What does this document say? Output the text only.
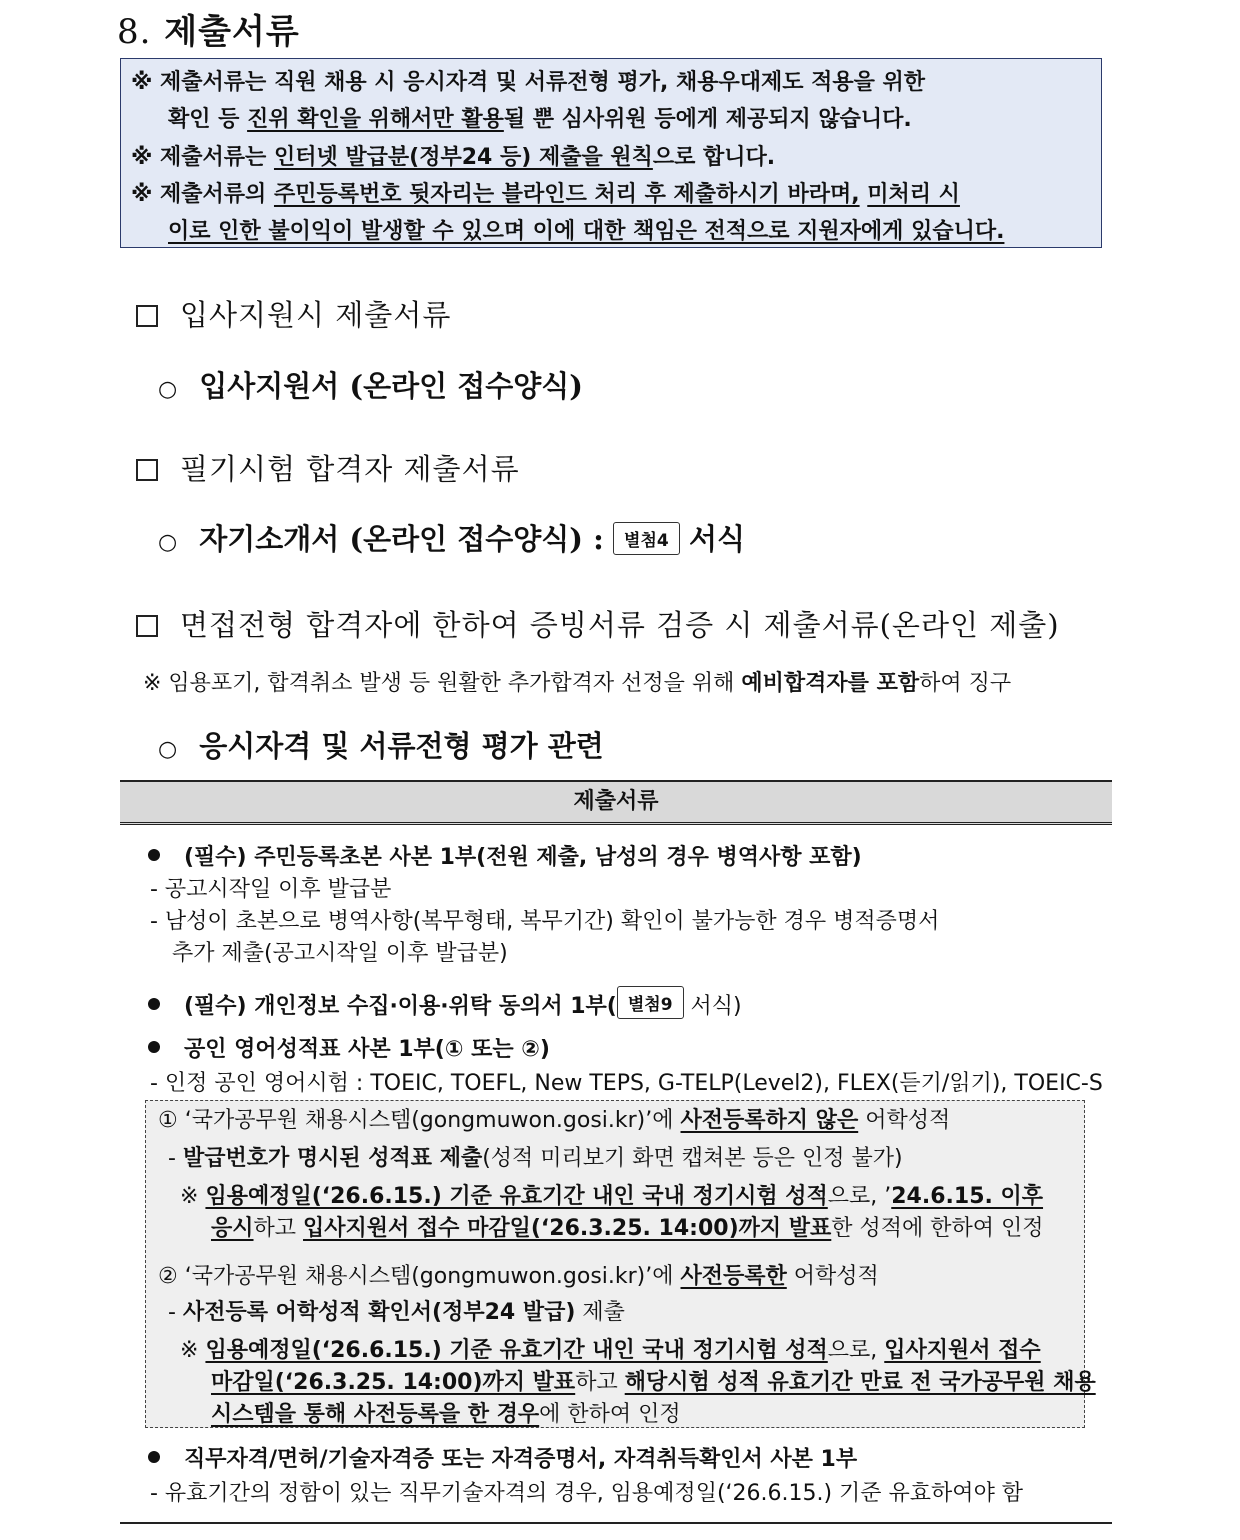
8. 제출서류
※ 제출서류는 직원 채용 시 응시자격 및 서류전형 평가, 채용우대제도 적용을 위한
확인 등 진위 확인을 위해서만 활용될 뿐 심사위원 등에게 제공되지 않습니다.
※ 제출서류는 인터넷 발급분(정부24 등) 제출을 원칙으로 합니다.
※ 제출서류의 주민등록번호 뒷자리는 블라인드 처리 후 제출하시기 바라며, 미처리 시
이로 인한 불이익이 발생할 수 있으며 이에 대한 책임은 전적으로 지원자에게 있습니다.
입사지원시 제출서류
○ 입사지원서 (온라인 접수양식)
필기시험 합격자 제출서류
○ 자기소개서 (온라인 접수양식) : 별첨4 서식
면접전형 합격자에 한하여 증빙서류 검증 시 제출서류(온라인 제출)
※ 임용포기, 합격취소 발생 등 원활한 추가합격자 선정을 위해 예비합격자를 포함하여 징구
○ 응시자격 및 서류전형 평가 관련
제출서류
(필수) 주민등록초본 사본 1부(전원 제출, 남성의 경우 병역사항 포함)
- 공고시작일 이후 발급분
- 남성이 초본으로 병역사항(복무형태, 복무기간) 확인이 불가능한 경우 병적증명서
추가 제출(공고시작일 이후 발급분)
(필수) 개인정보 수집·이용·위탁 동의서 1부( 별첨9 서식)
공인 영어성적표 사본 1부(① 또는 ②)
- 인정 공인 영어시험 : TOEIC, TOEFL, New TEPS, G-TELP(Level2), FLEX(듣기/읽기), TOEIC-S
① ‘국가공무원 채용시스템(gongmuwon.gosi.kr)’에 사전등록하지 않은 어학성적
- 발급번호가 명시된 성적표 제출(성적 미리보기 화면 캡쳐본 등은 인정 불가)
※ 임용예정일(‘26.6.15.) 기준 유효기간 내인 국내 정기시험 성적으로, ’24.6.15. 이후
응시하고 입사지원서 접수 마감일(‘26.3.25. 14:00)까지 발표한 성적에 한하여 인정
② ‘국가공무원 채용시스템(gongmuwon.gosi.kr)’에 사전등록한 어학성적
- 사전등록 어학성적 확인서(정부24 발급) 제출
※ 임용예정일(‘26.6.15.) 기준 유효기간 내인 국내 정기시험 성적으로, 입사지원서 접수
마감일(‘26.3.25. 14:00)까지 발표하고 해당시험 성적 유효기간 만료 전 국가공무원 채용
시스템을 통해 사전등록을 한 경우에 한하여 인정
직무자격/면허/기술자격증 또는 자격증명서, 자격취득확인서 사본 1부
- 유효기간의 정함이 있는 직무기술자격의 경우, 임용예정일(‘26.6.15.) 기준 유효하여야 함
